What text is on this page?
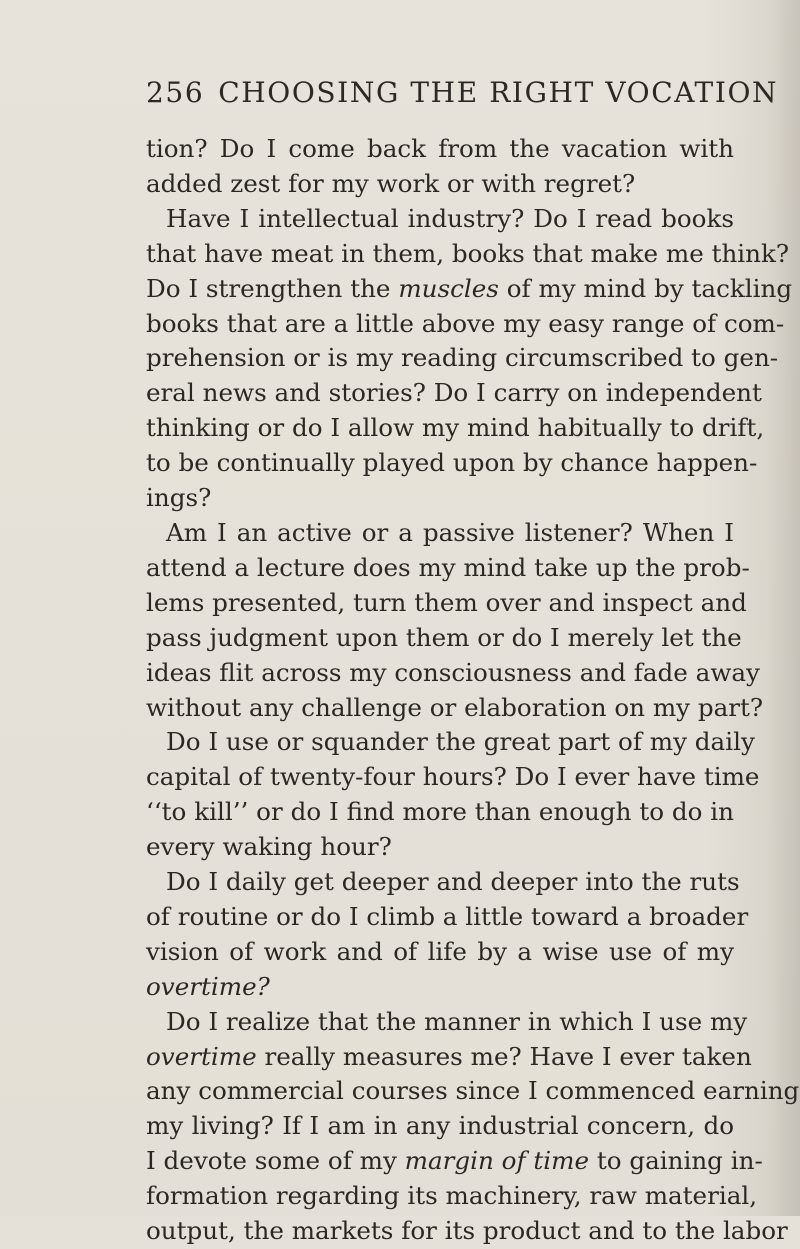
256 CHOOSING THE RIGHT VOCATION
tion? Do I come back from the vacation with
added zest for my work or with regret?
Have I intellectual industry? Do I read books
that have meat in them, books that make me think?
Do I strengthen the muscles of my mind by tackling
books that are a little above my easy range of com-
prehension or is my reading circumscribed to gen-
eral news and stories? Do I carry on independent
thinking or do I allow my mind habitually to drift,
to be continually played upon by chance happen-
ings?
Am I an active or a passive listener? When I
attend a lecture does my mind take up the prob-
lems presented, turn them over and inspect and
pass judgment upon them or do I merely let the
ideas flit across my consciousness and fade away
without any challenge or elaboration on my part?
Do I use or squander the great part of my daily
capital of twenty-four hours? Do I ever have time
‘‘to kill’’ or do I find more than enough to do in
every waking hour?
Do I daily get deeper and deeper into the ruts
of routine or do I climb a little toward a broader
vision of work and of life by a wise use of my
overtime?
Do I realize that the manner in which I use my
overtime really measures me? Have I ever taken
any commercial courses since I commenced earning
my living? If I am in any industrial concern, do
I devote some of my margin of time to gaining in-
formation regarding its machinery, raw material,
output, the markets for its product and to the labor
